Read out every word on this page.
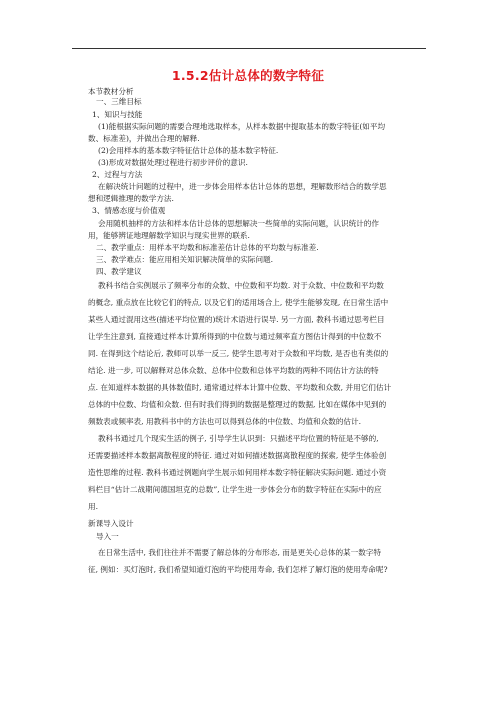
1.5.2估计总体的数字特征
本节教材分析
一、三维目标
1、知识与技能
(1)能根据实际问题的需要合理地选取样本，从样本数据中提取基本的数字特征(如平均
数、标准差)，并做出合理的解释.
(2)会用样本的基本数字特征估计总体的基本数字特征.
(3)形成对数据处理过程进行初步评价的意识.
2、过程与方法
在解决统计问题的过程中，进一步体会用样本估计总体的思想，理解数形结合的数学思
想和逻辑推理的数学方法.
3、情感态度与价值观
会用随机抽样的方法和样本估计总体的思想解决一些简单的实际问题，认识统计的作
用，能够辨证地理解数学知识与现实世界的联系.
二、教学重点：用样本平均数和标准差估计总体的平均数与标准差.
三、教学难点：能应用相关知识解决简单的实际问题.
四、教学建议
教科书结合实例展示了频率分布的众数、中位数和平均数. 对于众数、中位数和平均数
的概念, 重点放在比较它们的特点, 以及它们的适用场合上, 使学生能够发现, 在日常生活中
某些人通过混用这些(描述平均位置的)统计术语进行误导. 另一方面, 教科书通过思考栏目
让学生注意到, 直接通过样本计算所得到的中位数与通过频率直方图估计得到的中位数不
同. 在得到这个结论后, 教师可以举一反三, 使学生思考对于众数和平均数, 是否也有类似的
结论. 进一步, 可以解释对总体众数、总体中位数和总体平均数的两种不同估计方法的特
点. 在知道样本数据的具体数值时, 通常通过样本计算中位数、平均数和众数, 并用它们估计
总体的中位数、均值和众数. 但有时我们得到的数据是整理过的数据, 比如在媒体中见到的
频数表或频率表, 用教科书中的方法也可以得到总体的中位数、均值和众数的估计.
教科书通过几个现实生活的例子, 引导学生认识到：只描述平均位置的特征是不够的,
还需要描述样本数据离散程度的特征. 通过对如何描述数据离散程度的探索, 使学生体验创
造性思维的过程. 教科书通过例题向学生展示如何用样本数字特征解决实际问题. 通过小资
料栏目“估计二战期间德国坦克的总数”, 让学生进一步体会分布的数字特征在实际中的应
用.
新课导入设计
导入一
在日常生活中, 我们往往并不需要了解总体的分布形态, 而是更关心总体的某一数字特
征, 例如：买灯泡时, 我们希望知道灯泡的平均使用寿命, 我们怎样了解灯泡的使用寿命呢?
